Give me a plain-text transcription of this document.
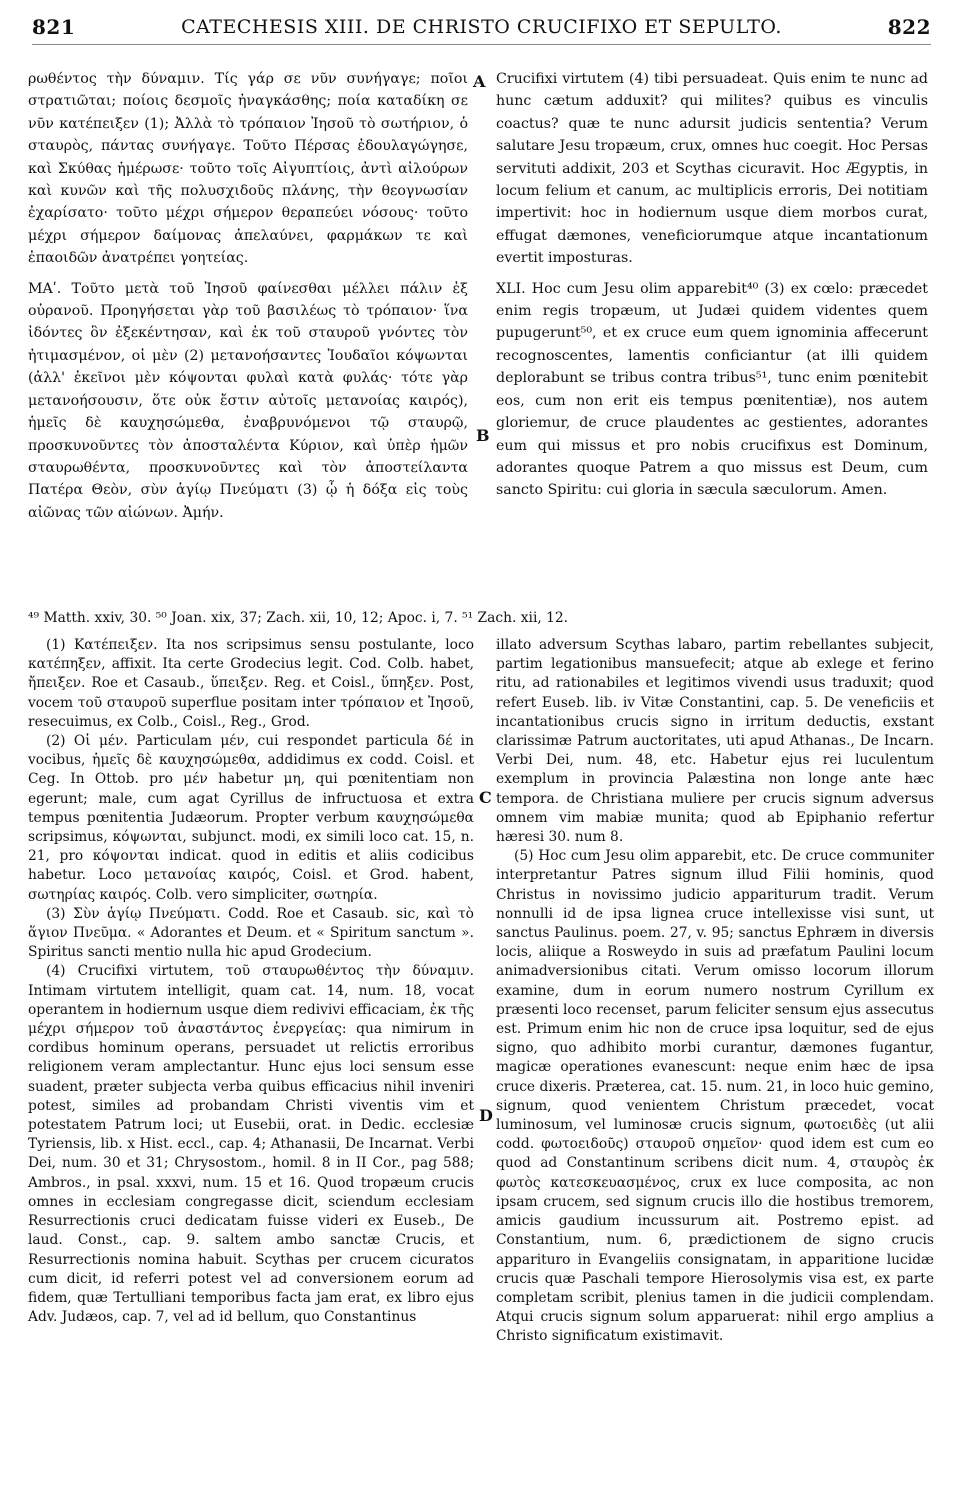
821	CATECHESIS XIII. DE CHRISTO CRUCIFIXO ET SEPULTO.	822

ρωθέντος τὴν δύναμιν. Τίς γάρ σε νῦν συνήγαγε; ποῖοι στρατιῶται; ποίοις δεσμοῖς ἠναγκάσθης; ποία καταδίκη σε νῦν κατέπειξεν (1); Ἀλλὰ τὸ τρόπαιον Ἰησοῦ τὸ σωτήριον, ὁ σταυρὸς, πάντας συνήγαγε. Τοῦτο Πέρσας ἐδουλαγώγησε, καὶ Σκύθας ἡμέρωσε· τοῦτο τοῖς Αἰγυπτίοις, ἀντὶ αἰλούρων καὶ κυνῶν καὶ τῆς πολυσχιδοῦς πλάνης, τὴν θεογνωσίαν ἐχαρίσατο· τοῦτο μέχρι σήμερον θεραπεύει νόσους· τοῦτο μέχρι σήμερον δαίμονας ἀπελαύνει, φαρμάκων τε καὶ ἐπαοιδῶν ἀνατρέπει γοητείας.

ΜΑʹ. Τοῦτο μετὰ τοῦ Ἰησοῦ φαίνεσθαι μέλλει πάλιν ἐξ οὐρανοῦ. Προηγήσεται γὰρ τοῦ βασιλέως τὸ τρόπαιον· ἵνα ἰδόντες ὃν ἐξεκέντησαν, καὶ ἐκ τοῦ σταυροῦ γνόντες τὸν ἠτιμασμένον, οἱ μὲν (2) μετανοήσαντες Ἰουδαῖοι κόψωνται (ἀλλ' ἐκεῖνοι μὲν κόψονται φυλαὶ κατὰ φυλάς· τότε γὰρ μετανοήσουσιν, ὅτε οὐκ ἔστιν αὐτοῖς μετανοίας καιρός), ἡμεῖς δὲ καυχησώμεθα, ἐναβρυνόμενοι τῷ σταυρῷ, προσκυνοῦντες τὸν ἀποσταλέντα Κύριον, καὶ ὑπὲρ ἡμῶν σταυρωθέντα, προσκυνοῦντες καὶ τὸν ἀποστείλαντα Πατέρα Θεὸν, σὺν ἁγίῳ Πνεύματι (3) ᾧ ἡ δόξα εἰς τοὺς αἰῶνας τῶν αἰώνων. Ἀμήν.

A
B

Crucifixi virtutem (4) tibi persuadeat. Quis enim te nunc ad hunc cætum adduxit? qui milites? quibus es vinculis coactus? quæ te nunc adursit judicis sententia? Verum salutare Jesu tropæum, crux, omnes huc coegit. Hoc Persas servituti addixit, 203 et Scythas cicuravit. Hoc Ægyptis, in locum felium et canum, ac multiplicis erroris, Dei notitiam impertivit: hoc in hodiernum usque diem morbos curat, effugat dæmones, veneficiorumque atque incantationum evertit imposturas.

XLI. Hoc cum Jesu olim apparebit⁴⁰ (3) ex cœlo: præcedet enim regis tropæum, ut Judæi quidem videntes quem pupugerunt⁵⁰, et ex cruce eum quem ignominia affecerunt recognoscentes, lamentis conficiantur (at illi quidem deplorabunt se tribus contra tribus⁵¹, tunc enim pœnitebit eos, cum non erit eis tempus pœnitentiæ), nos autem gloriemur, de cruce plaudentes ac gestientes, adorantes eum qui missus et pro nobis crucifixus est Dominum, adorantes quoque Patrem a quo missus est Deum, cum sancto Spiritu: cui gloria in sæcula sæculorum. Amen.

⁴⁹ Matth. xxiv, 30. ⁵⁰ Joan. xix, 37; Zach. xii, 10, 12; Apoc. i, 7. ⁵¹ Zach. xii, 12.

(1) Κατέπειξεν. Ita nos scripsimus sensu postulante, loco κατέπηξεν, affixit. Ita certe Grodecius legit. Cod. Colb. habet, ἤπειξεν. Roe et Casaub., ὕπειξεν. Reg. et Coisl., ὕπηξεν. Post, vocem τοῦ σταυροῦ superflue positam inter τρόπαιον et Ἰησοῦ, resecuimus, ex Colb., Coisl., Reg., Grod.

(2) Οἱ μέν. Particulam μέν, cui respondet particula δέ in vocibus, ἡμεῖς δὲ καυχησώμεθα, addidimus ex codd. Coisl. et Ceg. In Ottob. pro μέν habetur μη, qui pœnitentiam non egerunt; male, cum agat Cyrillus de infructuosa et extra tempus pœnitentia Judæorum. Propter verbum καυχησώμεθα scripsimus, κόψωνται, subjunct. modi, ex simili loco cat. 15, n. 21, pro κόψονται indicat. quod in editis et aliis codicibus habetur. Loco μετανοίας καιρός, Coisl. et Grod. habent, σωτηρίας καιρός. Colb. vero simpliciter, σωτηρία.

(3) Σὺν ἁγίῳ Πνεύματι. Codd. Roe et Casaub. sic, καὶ τὸ ἅγιον Πνεῦμα. « Adorantes et Deum. et « Spiritum sanctum ». Spiritus sancti mentio nulla hic apud Grodecium.

(4) Crucifixi virtutem, τοῦ σταυρωθέντος τὴν δύναμιν. Intimam virtutem intelligit, quam cat. 14, num. 18, vocat operantem in hodiernum usque diem redivivi efficaciam, ἐκ τῆς μέχρι σήμερον τοῦ ἀναστάντος ἐνεργείας: qua nimirum in cordibus hominum operans, persuadet ut relictis erroribus religionem veram amplectantur. Hunc ejus loci sensum esse suadent, præter subjecta verba quibus efficacius nihil inveniri potest, similes ad probandam Christi viventis vim et potestatem Patrum loci; ut Eusebii, orat. in Dedic. ecclesiæ Tyriensis, lib. x Hist. eccl., cap. 4; Athanasii, De Incarnat. Verbi Dei, num. 30 et 31; Chrysostom., homil. 8 in II Cor., pag 588; Ambros., in psal. xxxvi, num. 15 et 16. Quod tropæum crucis omnes in ecclesiam congregasse dicit, sciendum ecclesiam Resurrectionis cruci dedicatam fuisse videri ex Euseb., De laud. Const., cap. 9. saltem ambo sanctæ Crucis, et Resurrectionis nomina habuit. Scythas per crucem cicuratos cum dicit, id referri potest vel ad conversionem eorum ad fidem, quæ Tertulliani temporibus facta jam erat, ex libro ejus Adv. Judæos, cap. 7, vel ad id bellum, quo Constantinus

C
D

illato adversum Scythas labaro, partim rebellantes subjecit, partim legationibus mansuefecit; atque ab exlege et ferino ritu, ad rationabiles et legitimos vivendi usus traduxit; quod refert Euseb. lib. iv Vitæ Constantini, cap. 5. De veneficiis et incantationibus crucis signo in irritum deductis, exstant clarissimæ Patrum auctoritates, uti apud Athanas., De Incarn. Verbi Dei, num. 48, etc. Habetur ejus rei luculentum exemplum in provincia Palæstina non longe ante hæc tempora. de Christiana muliere per crucis signum adversus omnem vim mabiæ munita; quod ab Epiphanio refertur hæresi 30. num 8.

(5) Hoc cum Jesu olim apparebit, etc. De cruce communiter interpretantur Patres signum illud Filii hominis, quod Christus in novissimo judicio appariturum tradit. Verum nonnulli id de ipsa lignea cruce intellexisse visi sunt, ut sanctus Paulinus. poem. 27, v. 95; sanctus Ephræm in diversis locis, aliique a Rosweydo in suis ad præfatum Paulini locum animadversionibus citati. Verum omisso locorum illorum examine, dum in eorum numero nostrum Cyrillum ex præsenti loco recenset, parum feliciter sensum ejus assecutus est. Primum enim hic non de cruce ipsa loquitur, sed de ejus signo, quo adhibito morbi curantur, dæmones fugantur, magicæ operationes evanescunt: neque enim hæc de ipsa cruce dixeris. Præterea, cat. 15. num. 21, in loco huic gemino, signum, quod venientem Christum præcedet, vocat luminosum, vel luminosæ crucis signum, φωτοειδὲς (ut alii codd. φωτοειδοῦς) σταυροῦ σημεῖον· quod idem est cum eo quod ad Constantinum scribens dicit num. 4, σταυρὸς ἐκ φωτὸς κατεσκευασμένος, crux ex luce composita, ac non ipsam crucem, sed signum crucis illo die hostibus tremorem, amicis gaudium incussurum ait. Postremo epist. ad Constantium, num. 6, prædictionem de signo crucis appariturо in Evangeliis consignatam, in apparitione lucidæ crucis quæ Paschali tempore Hierosolymis visa est, ex parte completam scribit, plenius tamen in die judicii complendam. Atqui crucis signum solum apparuerat: nihil ergo amplius a Christo significatum existimavit.
